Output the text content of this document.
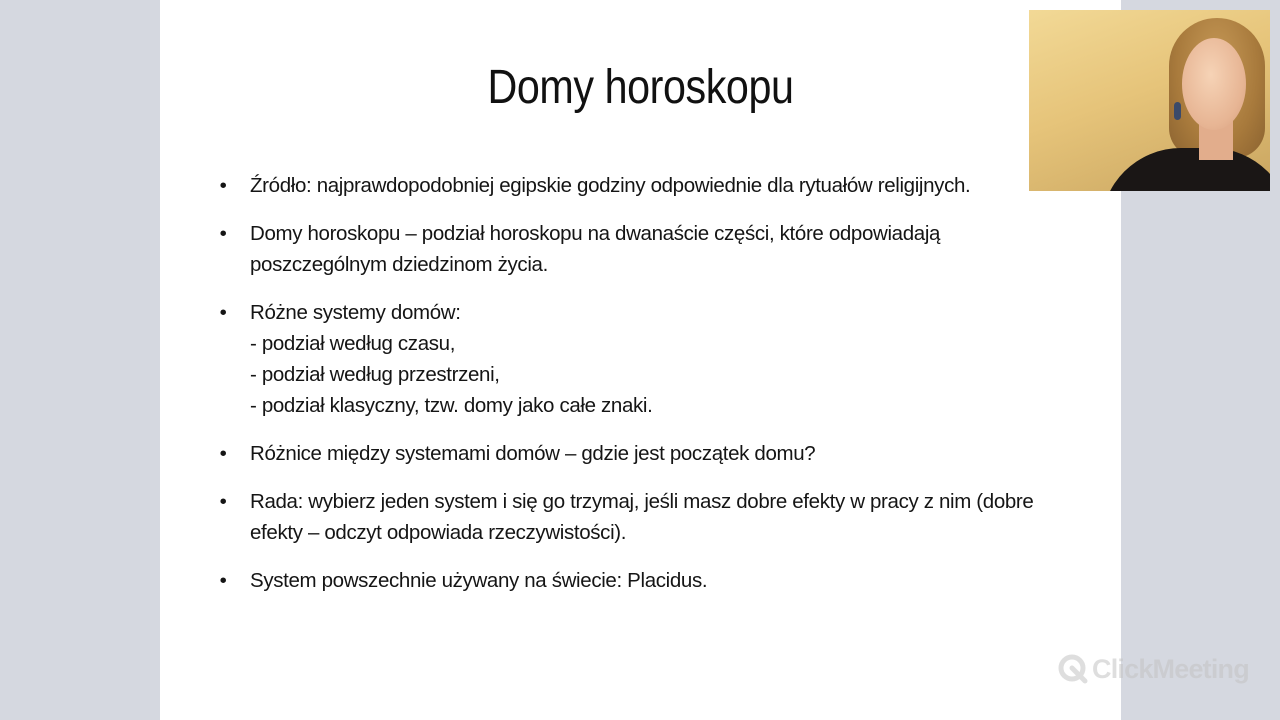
Domy horoskopu
• Źródło: najprawdopodobniej egipskie godziny odpowiednie dla rytuałów religijnych.
• Domy horoskopu – podział horoskopu na dwanaście części, które odpowiadają
poszczególnym dziedzinom życia.
• Różne systemy domów:
- podział według czasu,
- podział według przestrzeni,
- podział klasyczny, tzw. domy jako całe znaki.
• Różnice między systemami domów – gdzie jest początek domu?
• Rada: wybierz jeden system i się go trzymaj, jeśli masz dobre efekty w pracy z nim (dobre
efekty – odczyt odpowiada rzeczywistości).
• System powszechnie używany na świecie: Placidus.
ClickMeeting
